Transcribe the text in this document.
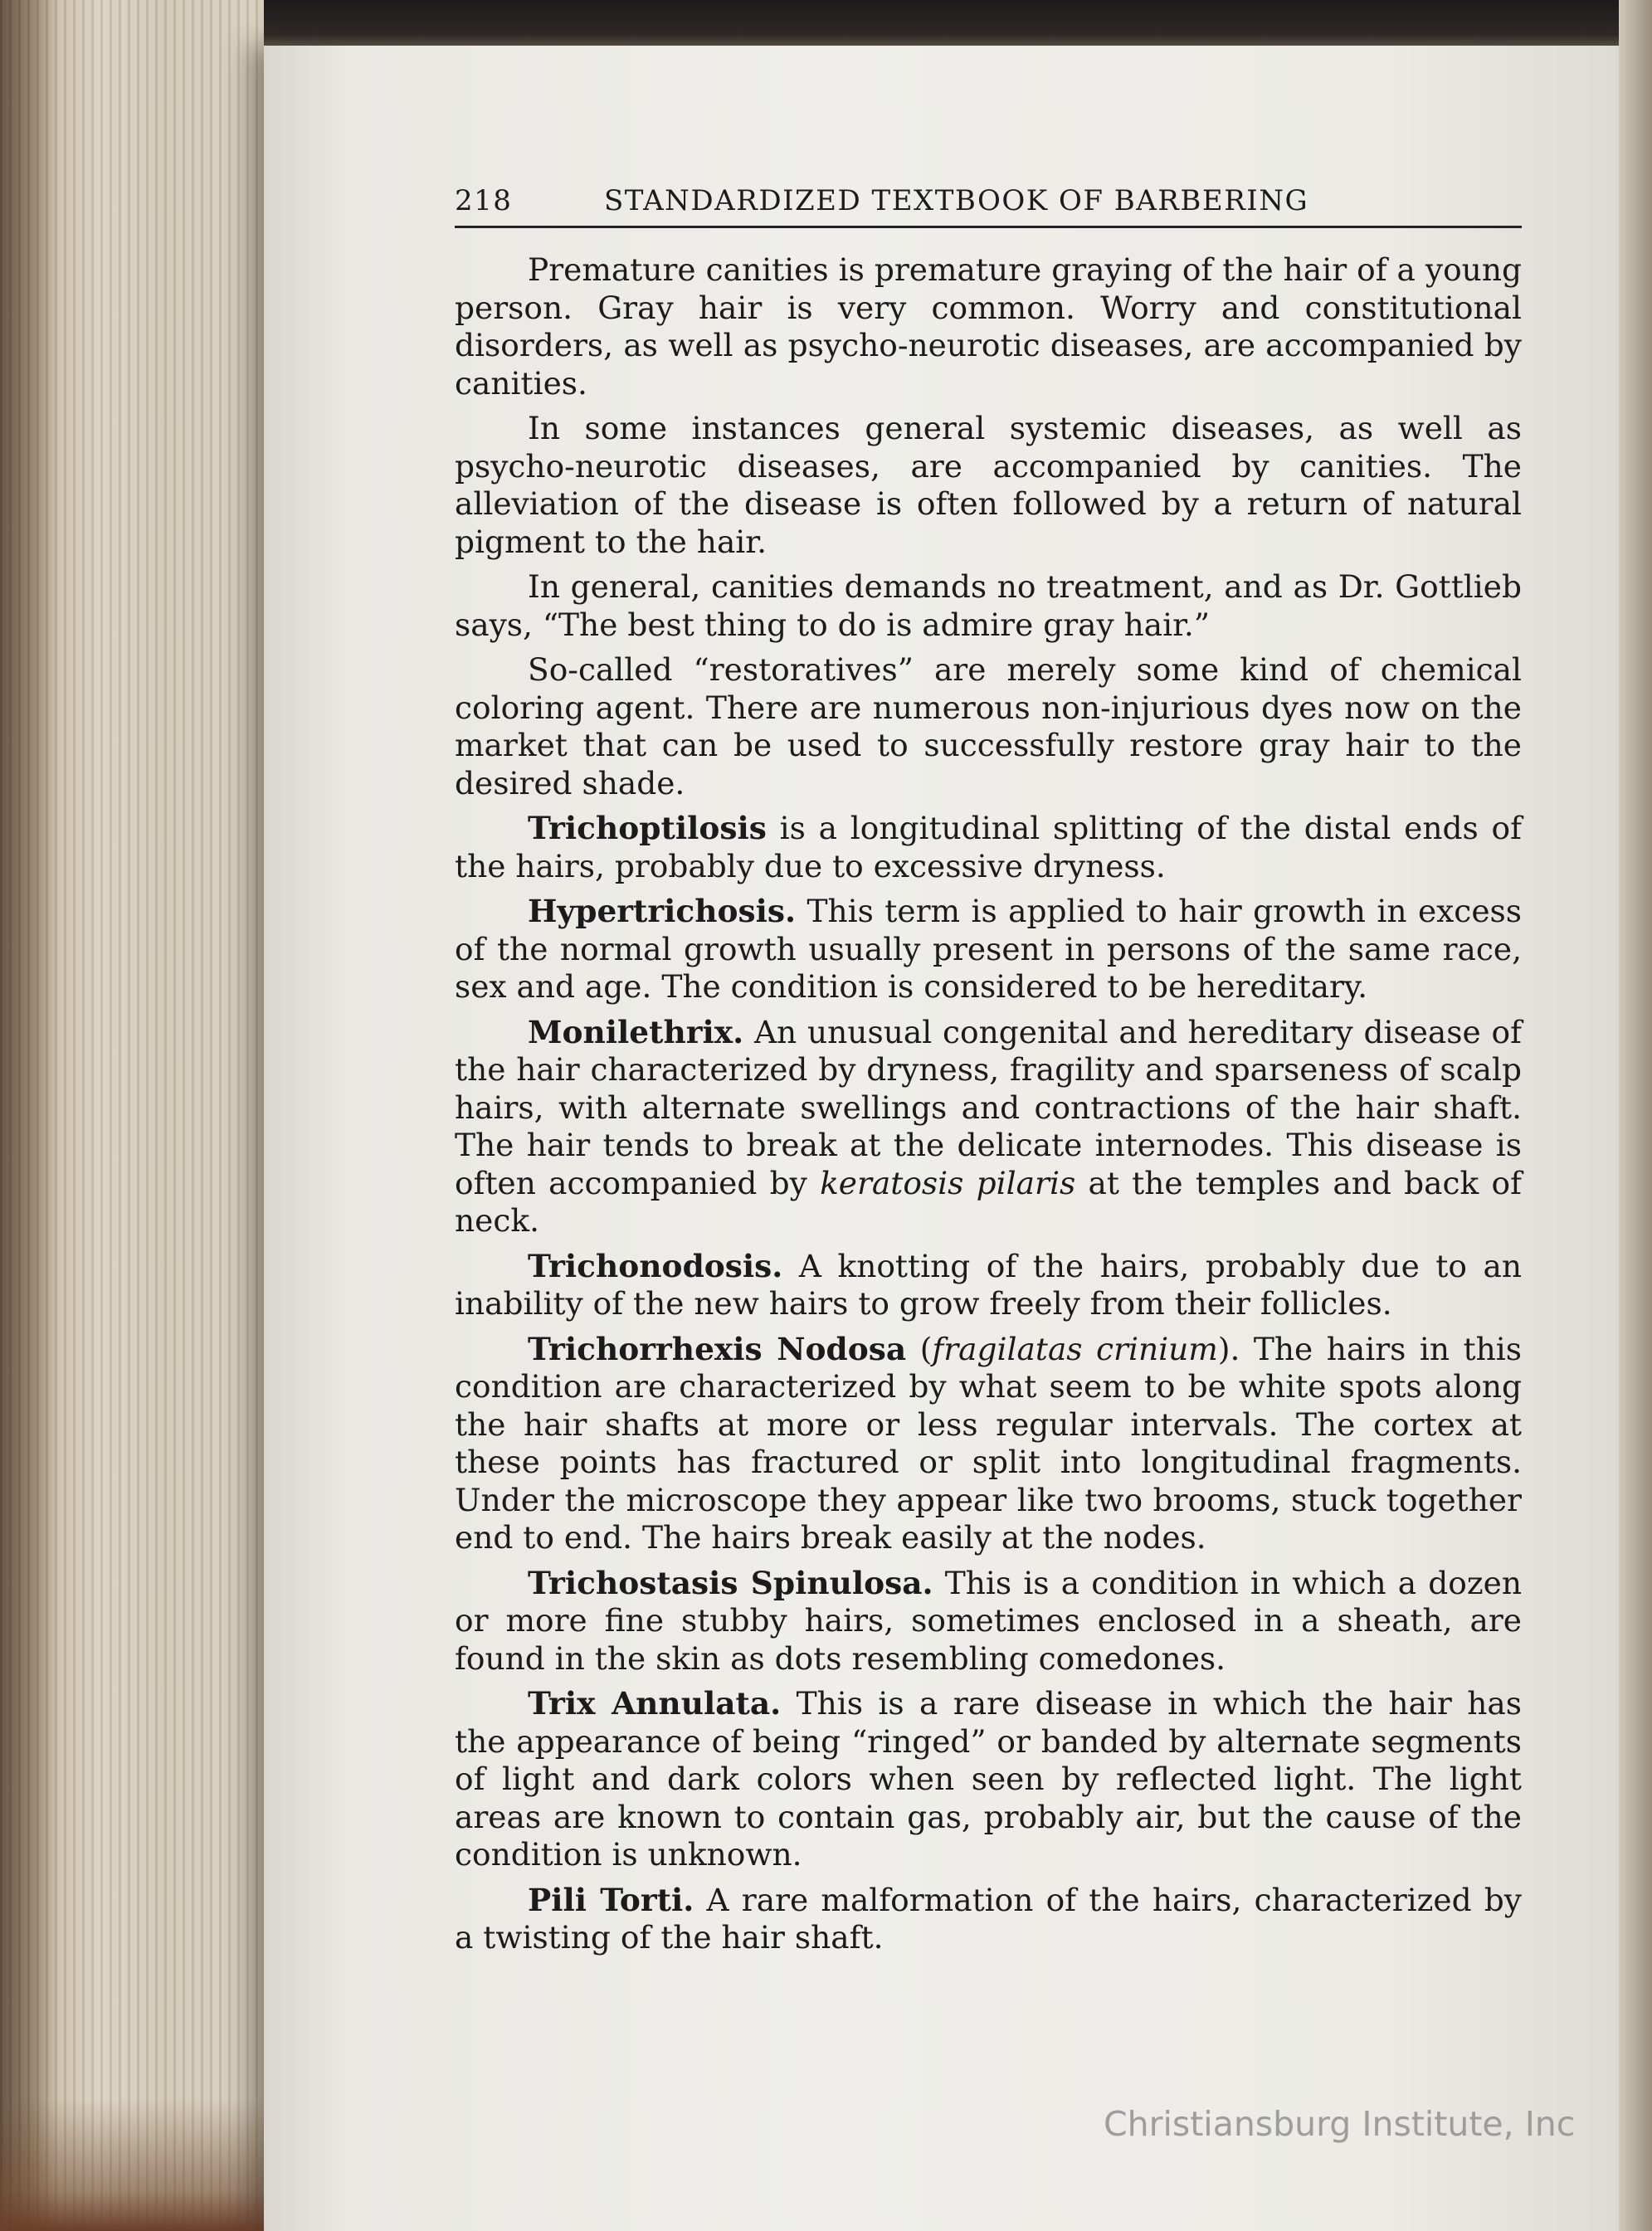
218	STANDARDIZED TEXTBOOK OF BARBERING

Premature canities is premature graying of the hair of a young person. Gray hair is very common. Worry and constitutional disorders, as well as psycho-neurotic diseases, are accompanied by canities.

In some instances general systemic diseases, as well as psycho-neurotic diseases, are accompanied by canities. The alleviation of the disease is often followed by a return of natural pigment to the hair.

In general, canities demands no treatment, and as Dr. Gottlieb says, “The best thing to do is admire gray hair.”

So-called “restoratives” are merely some kind of chemical coloring agent. There are numerous non-injurious dyes now on the market that can be used to successfully restore gray hair to the desired shade.

Trichoptilosis is a longitudinal splitting of the distal ends of the hairs, probably due to excessive dryness.

Hypertrichosis. This term is applied to hair growth in excess of the normal growth usually present in persons of the same race, sex and age. The condition is considered to be hereditary.

Monilethrix. An unusual congenital and hereditary disease of the hair characterized by dryness, fragility and sparseness of scalp hairs, with alternate swellings and contractions of the hair shaft. The hair tends to break at the delicate internodes. This disease is often accompanied by keratosis pilaris at the temples and back of neck.

Trichonodosis. A knotting of the hairs, probably due to an inability of the new hairs to grow freely from their follicles.

Trichorrhexis Nodosa (fragilatas crinium). The hairs in this condition are characterized by what seem to be white spots along the hair shafts at more or less regular intervals. The cortex at these points has fractured or split into longitudinal fragments. Under the microscope they appear like two brooms, stuck together end to end. The hairs break easily at the nodes.

Trichostasis Spinulosa. This is a condition in which a dozen or more fine stubby hairs, sometimes enclosed in a sheath, are found in the skin as dots resembling comedones.

Trix Annulata. This is a rare disease in which the hair has the appearance of being “ringed” or banded by alternate segments of light and dark colors when seen by reflected light. The light areas are known to contain gas, probably air, but the cause of the condition is unknown.

Pili Torti. A rare malformation of the hairs, characterized by a twisting of the hair shaft.

Christiansburg Institute, Inc
